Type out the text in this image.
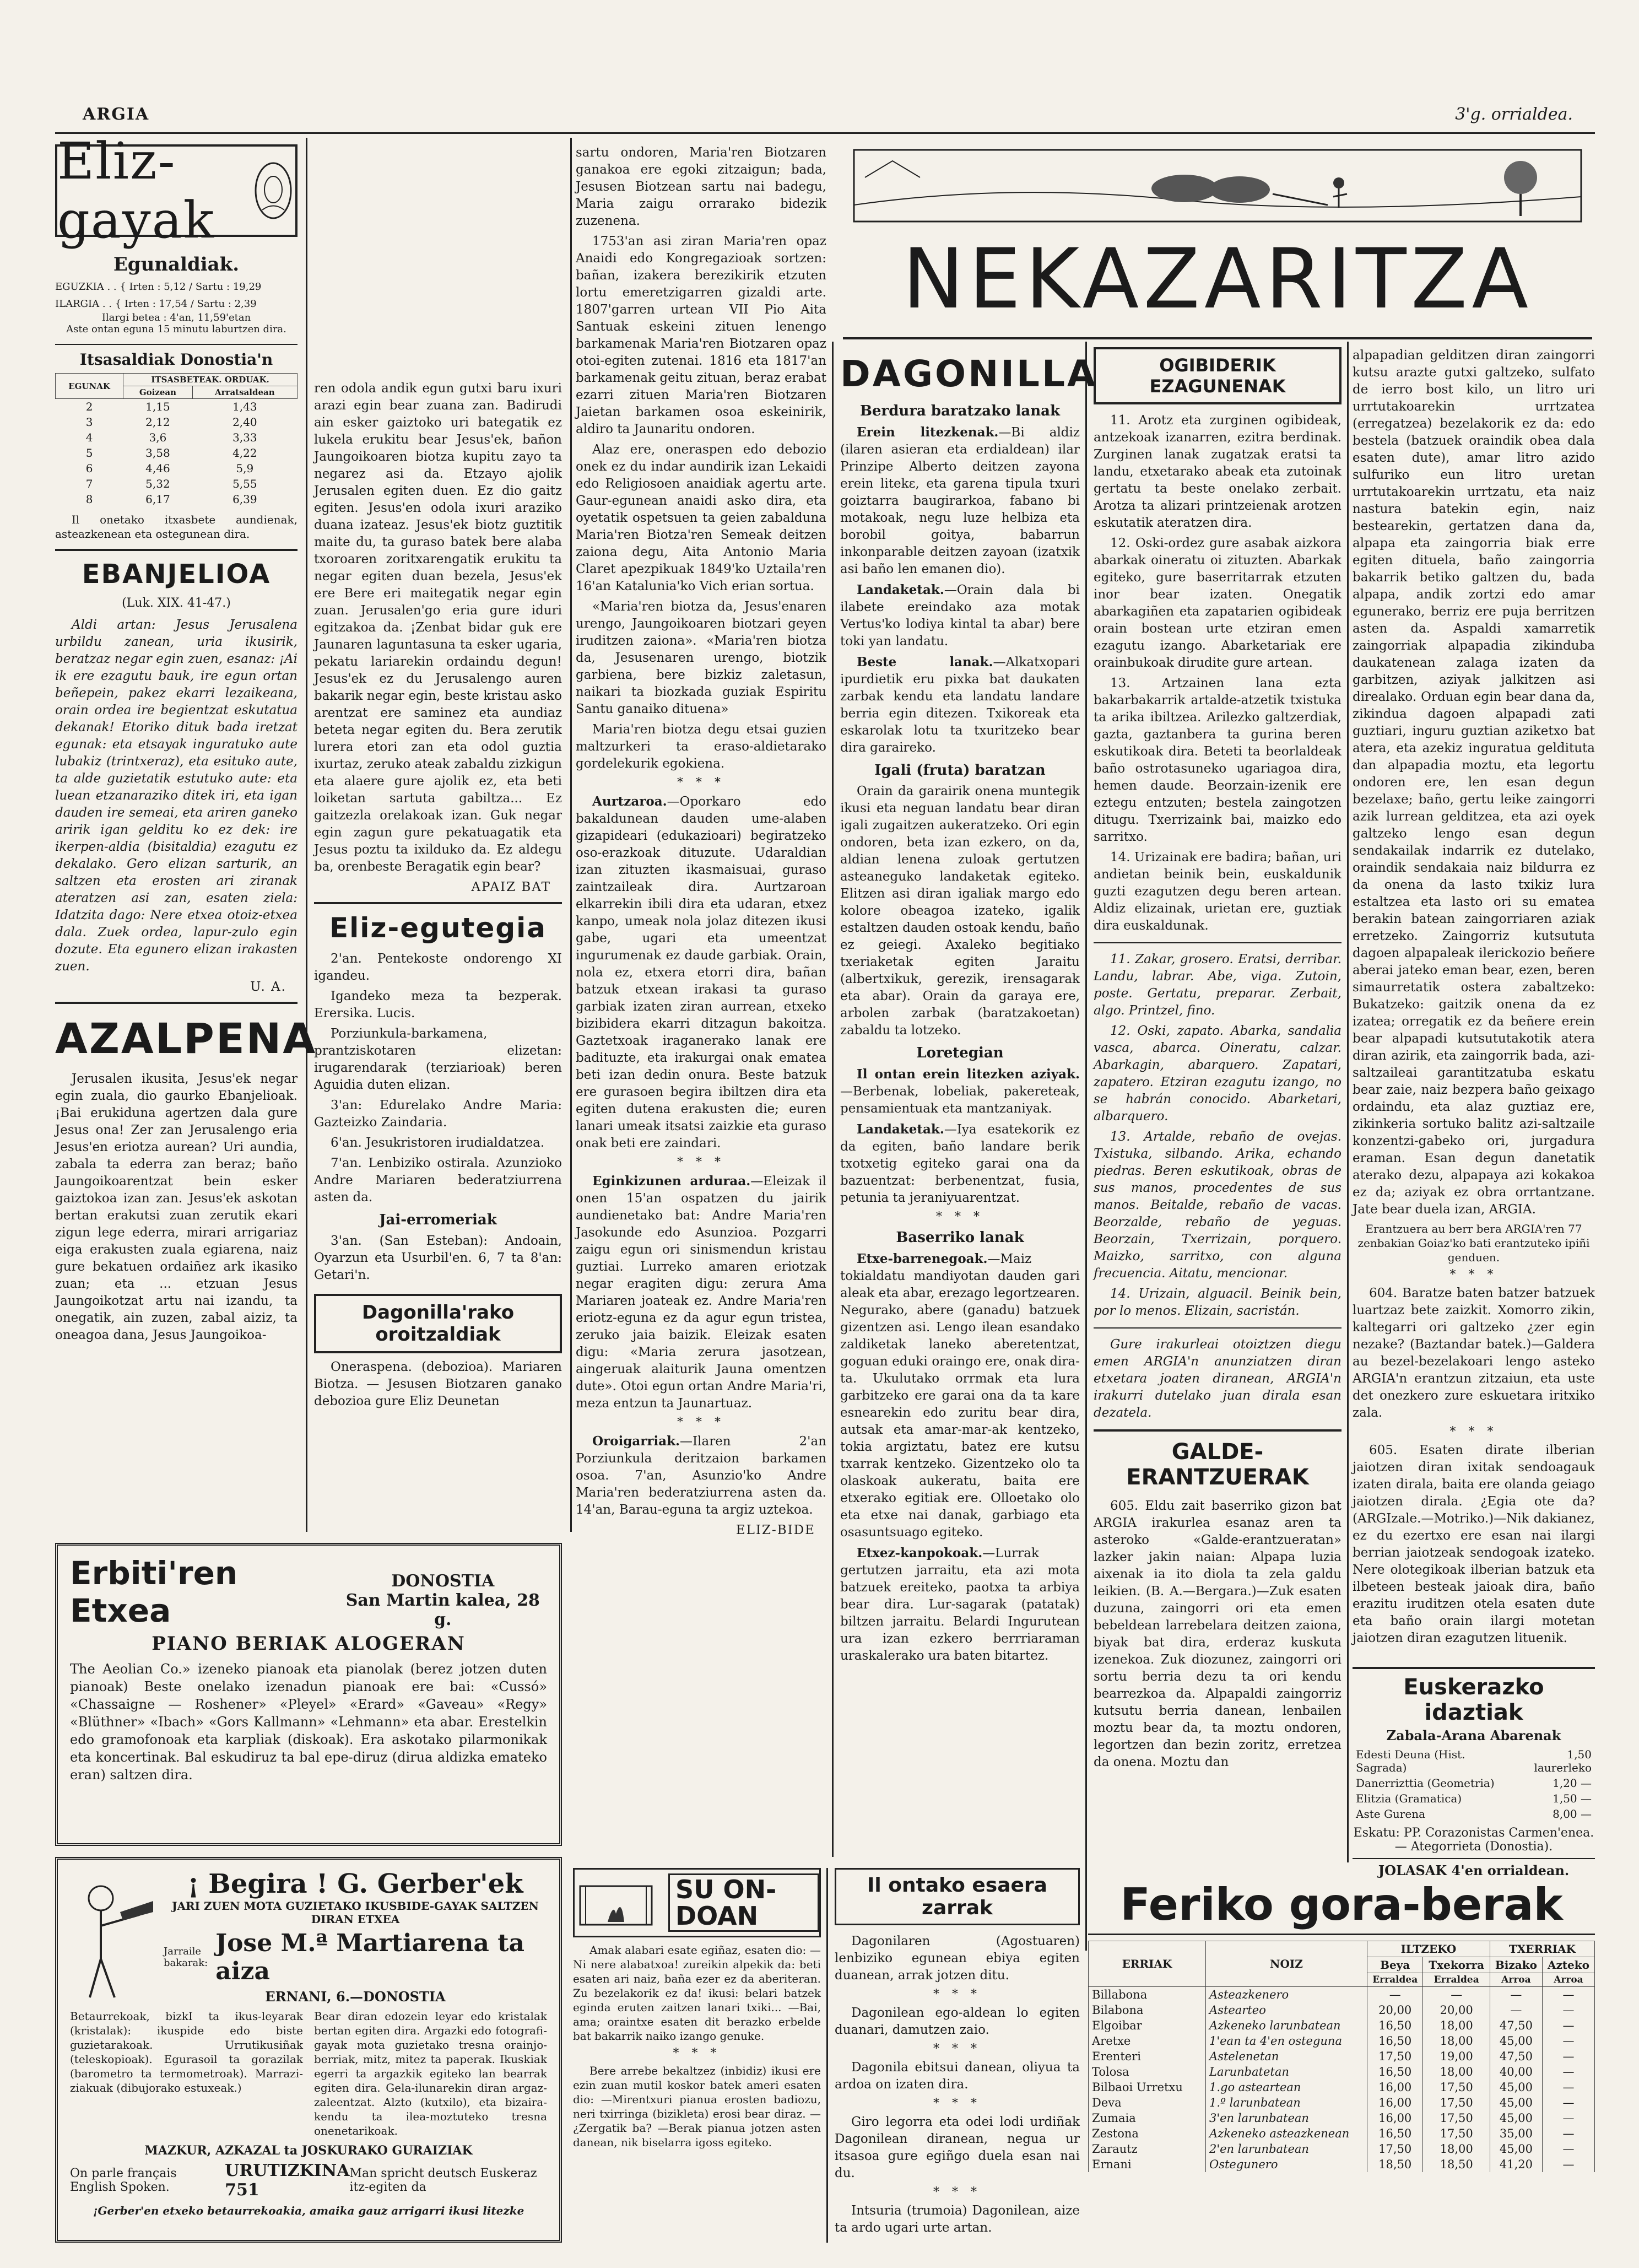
ARGIA	3'g. orrialdea.
Eliz-gayak
Egunaldiak.
EGUZKIA . . { Irten : 5,12 / Sartu : 19,29
ILARGIA . . { Irten : 17,54 / Sartu : 2,39
Ilargi betea : 4'an, 11,59'etan
Aste ontan eguna 15 minutu laburtzen dira.
Itsasaldiak Donostia'n
EGUNAK	ITSASBETEAK. ORDUAK.	
	Goizean	Arratsaldean
2	1,15	1,43
3	2,12	2,40
4	3,6	3,33
5	3,58	4,22
6	4,46	5,9
7	5,32	5,55
8	6,17	6,39

Il onetako itxasbete aundienak, asteazkenean eta ostegunean dira.

EBANJELIOA
(Luk. XIX. 41-47.)

Aldi artan: Jesus Jerusalena urbildu zanean, uria ikusirik, beratzaz negar egin zuen, esanaz: ¡Ai ik ere ezagutu bauk, ire egun ortan beñepein, pakez ekarri lezaikeana, orain ordea ire begientzat eskutatua dekanak! Etoriko dituk bada iretzat egunak: eta etsayak inguratuko aute lubakiz (trintxeraz), eta esituko aute, ta alde guzietatik estutuko aute: eta luean etzanaraziko ditek iri, eta igan dauden ire semeai, eta ariren ganeko aririk igan gelditu ko ez dek: ire ikerpen-aldia (bisitaldia) ezagutu ez dekalako. Gero elizan sarturik, an saltzen eta erosten ari ziranak ateratzen asi zan, esaten ziela: Idatzita dago: Nere etxea otoiz-etxea dala. Zuek ordea, lapur-zulo egin dozute. Eta egunero elizan irakasten zuen.

U. A.
AZALPENA

Jerusalen ikusita, Jesus'ek negar egin zuala, dio gaurko Ebanjelioak. ¡Bai erukiduna agertzen dala gure Jesus ona! Zer zan Jerusalengo eria Jesus'en eriotza aurean? Uri aundia, zabala ta ederra zan beraz; baño Jaungoikoarentzat bein esker gaiztokoa izan zan. Jesus'ek askotan bertan erakutsi zuan zerutik ekari zigun lege ederra, mirari arrigariaz eiga erakusten zuala egiarena, naiz gure bekatuen ordaiñez ark ikasiko zuan; eta ... etzuan Jesus Jaungoikotzat artu nai izandu, ta onegatik, ain zuzen, zabal aiziz, ta oneagoa dana, Jesus Jaungoikoa-

ren odola andik egun gutxi baru ixuri arazi egin bear zuana zan. Badirudi ain esker gaiztoko uri bategatik ez lukela erukitu bear Jesus'ek, bañon Jaungoikoaren biotza kupitu zayo ta negarez asi da. Etzayo ajolik Jerusalen egiten duen. Ez dio gaitz egiten. Jesus'en odola ixuri araziko duana izateaz. Jesus'ek biotz guztitik maite du, ta guraso batek bere alaba txoroaren zoritxarengatik erukitu ta negar egiten duan bezela, Jesus'ek ere Bere eri maitegatik negar egin zuan. Jerusalen'go eria gure iduri egitzakoa da. ¡Zenbat bidar guk ere Jaunaren laguntasuna ta esker ugaria, pekatu lariarekin ordaindu degun! Jesus'ek ez du Jerusalengo auren bakarik negar egin, beste kristau asko arentzat ere saminez eta aundiaz beteta negar egiten du. Bera zerutik lurera etori zan eta odol guztia ixurtaz, zeruko ateak zabaldu zizkigun eta alaere gure ajolik ez, eta beti loiketan sartuta gabiltza... Ez gaitzezla orelakoak izan. Guk negar egin zagun gure pekatuagatik eta Jesus poztu ta ixilduko da. Ez aldegu ba, orenbeste Beragatik egin bear?

APAIZ BAT
Eliz-egutegia

2'an. Pentekoste ondorengo XI igandeu.

Igandeko meza ta bezperak. Erersika. Lucis.

Porziunkula-barkamena, prantziskotaren elizetan: irugarendarak (terziarioak) beren Aguidia duten elizan.

3'an: Edurelako Andre Maria: Gazteizko Zaindaria.

6'an. Jesukristoren irudialdatzea.

7'an. Lenbiziko ostirala. Azunzioko Andre Mariaren bederatziurrena asten da.

Jai-erromeriak

3'an. (San Esteban): Andoain, Oyarzun eta Usurbil'en. 6, 7 ta 8'an: Getari'n.

Dagonilla'rako oroitzaldiak

Oneraspena. (debozioa). Mariaren Biotza. — Jesusen Biotzaren ganako debozioa gure Eliz Deunetan

sartu ondoren, Maria'ren Biotzaren ganakoa ere egoki zitzaigun; bada, Jesusen Biotzean sartu nai badegu, Maria zaigu orrarako bidezik zuzenena.

1753'an asi ziran Maria'ren opaz Anaidi edo Kongregazioak sortzen: bañan, izakera berezikirik etzuten lortu emeretzigarren gizaldi arte. 1807'garren urtean VII Pio Aita Santuak eskeini zituen lenengo barkamenak Maria'ren Biotzaren opaz otoi-egiten zutenai. 1816 eta 1817'an barkamenak geitu zituan, beraz erabat ezarri zituen Maria'ren Biotzaren Jaietan barkamen osoa eskeinirik, aldiro ta Jaunaritu ondoren.

Alaz ere, oneraspen edo debozio onek ez du indar aundirik izan Lekaidi edo Religiosoen anaidiak agertu arte. Gaur-egunean anaidi asko dira, eta oyetatik ospetsuen ta geien zabalduna Maria'ren Biotza'ren Semeak deitzen zaiona degu, Aita Antonio Maria Claret apezpikuak 1849'ko Uztaila'ren 16'an Katalunia'ko Vich erian sortua.

«Maria'ren biotza da, Jesus'enaren urengo, Jaungoikoaren biotzari geyen iruditzen zaiona». «Maria'ren biotza da, Jesusenaren urengo, biotzik garbiena, bere bizkiz zaletasun, naikari ta biozkada guziak Espiritu Santu ganaiko dituena»

Maria'ren biotza degu etsai guzien maltzurkeri ta eraso-aldietarako gordelekurik egokiena.

* * *

Aurtzaroa.—Oporkaro edo bakaldunean dauden ume-alaben gizapideari (edukazioari) begiratzeko oso-erazkoak dituzute. Udaraldian izan zituzten ikasmaisuai, guraso zaintzaileak dira. Aurtzaroan elkarrekin ibili dira eta udaran, etxez kanpo, umeak nola jolaz ditezen ikusi gabe, ugari eta umeentzat ingurumenak ez daude garbiak. Orain, nola ez, etxera etorri dira, bañan batzuk etxean irakasi ta guraso garbiak izaten ziran aurrean, etxeko bizibidera ekarri ditzagun bakoitza. Gaztetxoak iraganerako lanak ere badituzte, eta irakurgai onak ematea beti izan dedin onura. Beste batzuk ere gurasoen begira ibiltzen dira eta egiten dutena erakusten die; euren lanari umeak itsatsi zaizkie eta guraso onak beti ere zaindari.

* * *

Eginkizunen arduraa.—Eleizak il onen 15'an ospatzen du jairik aundienetako bat: Andre Maria'ren Jasokunde edo Asunzioa. Pozgarri zaigu egun ori sinismendun kristau guztiai. Lurreko amaren eriotzak negar eragiten digu: zerura Ama Mariaren joateak ez. Andre Maria'ren eriotz-eguna ez da agur egun tristea, zeruko jaia baizik. Eleizak esaten digu: «Maria zerura jasotzean, aingeruak alaiturik Jauna omentzen dute». Otoi egun ortan Andre Maria'ri, meza entzun ta Jaunartuaz.

* * *

Oroigarriak.—Ilaren 2'an Porziunkula deritzaion barkamen osoa. 7'an, Asunzio'ko Andre Maria'ren bederatziurrena asten da. 14'an, Barau-eguna ta argiz uztekoa.

ELIZ-BIDE
NEKAZARITZA
DAGONILLA
Berdura baratzako lanak

Erein litezkenak.—Bi aldiz (ilaren asieran eta erdialdean) ilar Prinzipe Alberto deitzen zayona erein litekε, eta garena tipula txuri goiztarra baugirarkoa, fabano bi motakoak, negu luze helbiza eta borobil goitya, babarrun inkonparable deitzen zayoan (izatxik asi baño len emanen dio).

Landaketak.—Orain dala bi ilabete ereindako aza motak Vertus'ko lodiya kintal ta abar) bere toki yan landatu.

Beste lanak.—Alkatxopari ipurdietik eru pixka bat daukaten zarbak kendu eta landatu landare berria egin ditezen. Txikoreak eta eskarolak lotu ta txuritzeko bear dira garaireko.

Igali (fruta) baratzan

Orain da garairik onena muntegik ikusi eta neguan landatu bear diran igali zugaitzen aukeratzeko. Ori egin ondoren, beta izan ezkero, on da, aldian lenena zuloak gertutzen asteaneguko landaketak egiteko. Elitzen asi diran igaliak margo edo kolore obeagoa izateko, igalik estaltzen dauden ostoak kendu, baño ez geiegi. Axaleko begitiako txeriaketak egiten Jaraitu (albertxikuk, gerezik, irensagarak eta abar). Orain da garaya ere, arbolen zarbak (baratzakoetan) zabaldu ta lotzeko.

Loretegian

Il ontan erein litezken aziyak.—Berbenak, lobeliak, pakereteak, pensamientuak eta mantzaniyak.

Landaketak.—Iya esatekorik ez da egiten, baño landare berik txotxetig egiteko garai ona da bazuentzat: berbenentzat, fusia, petunia ta jeraniyuarentzat.

* * *
Baserriko lanak

Etxe-barrenegoak.—Maiz tokialdatu mandiyotan dauden gari aleak eta abar, erezago legortzearen. Negurako, abere (ganadu) batzuek gizentzen asi. Lengo ilean esandako zaldiketak laneko aberetentzat, goguan eduki oraingo ere, onak dira-ta. Ukulutako orrmak eta lura garbitzeko ere garai ona da ta kare esnearekin edo zuritu bear dira, autsak eta amar-mar-ak kentzeko, tokia argiztatu, batez ere kutsu txarrak kentzeko. Gizentzeko olo ta olaskoak aukeratu, baita ere etxerako egitiak ere. Olloetako olo eta etxe nai danak, garbiago eta osasuntsuago egiteko.

Etxez-kanpokoak.—Lurrak gertutzen jarraitu, eta azi mota batzuek ereiteko, paotxa ta arbiya bear dira. Lur-sagarak (patatak) biltzen jarraitu. Belardi Ingurutean ura izan ezkero berrriaraman uraskalerako ura baten bitartez.

OGIBIDERIK EZAGUNENAK

11. Arotz eta zurginen ogibideak, antzekoak izanarren, ezitra berdinak. Zurginen lanak zugatzak eratsi ta landu, etxetarako abeak eta zutoinak gertatu ta beste onelako zerbait. Arotza ta alizari printzeienak arotzen eskutatik ateratzen dira.

12. Oski-ordez gure asabak aizkora abarkak oineratu oi zituzten. Abarkak egiteko, gure baserritarrak etzuten inor bear izaten. Onegatik abarkagiñen eta zapatarien ogibideak orain bostean urte etziran emen ezagutu izango. Abarketariak ere orainbukoak dirudite gure artean.

13. Artzainen lana ezta bakarbakarrik artalde-atzetik txistuka ta arika ibiltzea. Arilezko galtzerdiak, gazta, gaztanbera ta gurina beren eskutikoak dira. Beteti ta beorlaldeak baño ostrotasuneko ugariagoa dira, hemen daude. Beorzain-izenik ere eztegu entzuten; bestela zaingotzen ditugu. Txerrizaink bai, maizko edo sarritxo.

14. Urizainak ere badira; bañan, uri andietan beinik bein, euskaldunik guzti ezagutzen degu beren artean. Aldiz elizainak, urietan ere, guztiak dira euskaldunak.

11. Zakar, grosero. Eratsi, derribar. Landu, labrar. Abe, viga. Zutoin, poste. Gertatu, preparar. Zerbait, algo. Printzel, fino.

12. Oski, zapato. Abarka, sandalia vasca, abarca. Oineratu, calzar. Abarkagin, abarquero. Zapatari, zapatero. Etziran ezagutu izango, no se habrán conocido. Abarketari, albarquero.

13. Artalde, rebaño de ovejas. Txistuka, silbando. Arika, echando piedras. Beren eskutikoak, obras de sus manos, procedentes de sus manos. Beitalde, rebaño de vacas. Beorzalde, rebaño de yeguas. Beorzain, Txerrizain, porquero. Maizko, sarritxo, con alguna frecuencia. Aitatu, mencionar.

14. Urizain, alguacil. Beinik bein, por lo menos. Elizain, sacristán.

Gure irakurleai otoiztzen diegu emen ARGIA'n anunziatzen diran etxetara joaten diranean, ARGIA'n irakurri dutelako juan dirala esan dezatela.

GALDE-ERANTZUERAK

605. Eldu zait baserriko gizon bat ARGIA irakurlea esanaz aren ta asteroko «Galde-erantzueratan» lazker jakin naian: Alpapa luzia aixenak ia ito diola ta zela galdu leikien. (B. A.—Bergara.)—Zuk esaten duzuna, zaingorri ori eta emen bebeldean larrebelara deitzen zaiona, biyak bat dira, erderaz kuskuta izenekoa. Zuk diozunez, zaingorri ori sortu berria dezu ta ori kendu bearrezkoa da. Alpapaldi zaingorriz kutsutu berria danean, lenbailen moztu bear da, ta moztu ondoren, legortzen dan bezin zoritz, erretzea da onena. Moztu dan

alpapadian gelditzen diran zaingorri kutsu arazte gutxi galtzeko, sulfato de ierro bost kilo, un litro uri urrtutakoarekin urrtzatea (erregatzea) bezelakorik ez da: edo bestela (batzuek oraindik obea dala esaten dute), amar litro azido sulfuriko eun litro uretan urrtutakoarekin urrtzatu, eta naiz nastura batekin egin, naiz bestearekin, gertatzen dana da, alpapa eta zaingorria biak erre egiten dituela, baño zaingorria bakarrik betiko galtzen du, bada alpapa, andik zortzi edo amar egunerako, berriz ere puja berritzen asten da. Aspaldi xamarretik zaingorriak alpapadia zikinduba daukatenean zalaga izaten da garbitzen, aziyak jalkitzen asi direalako. Orduan egin bear dana da, zikindua dagoen alpapadi zati guztiari, inguru guztian aziketxo bat atera, eta azekiz inguratua geldituta dan alpapadia moztu, eta legortu ondoren ere, len esan degun bezelaxe; baño, gertu leike zaingorri azik lurrean gelditzea, eta azi oyek galtzeko lengo esan degun sendakailak indarrik ez dutelako, oraindik sendakaia naiz bildurra ez da onena da lasto txikiz lura estaltzea eta lasto ori su ematea berakin batean zaingorriaren aziak erretzeko. Zaingorriz kutsututa dagoen alpapaleak ilerickozio beñere aberai jateko eman bear, ezen, beren simaurretatik ostera zabaltzeko: Bukatzeko: gaitzik onena da ez izatea; orregatik ez da beñere erein bear alpapadi kutsututakotik atera diran azirik, eta zaingorrik bada, azi-saltzaileai garantitzatuba eskatu bear zaie, naiz bezpera baño geixago ordaindu, eta alaz guztiaz ere, zikinkeria sortuko balitz azi-saltzaile konzentzi-gabeko ori, jurgadura eraman. Esan degun danetatik aterako dezu, alpapaya azi kokakoa ez da; aziyak ez obra orrtantzane. Jate bear duela izan, ARGIA.

Erantzuera au berr bera ARGIA'ren 77 zenbakian Goiaz'ko bati erantzuteko ipiñi genduen.

* * *

604. Baratze baten batzer batzuek luartzaz bete zaizkit. Xomorro zikin, kaltegarri ori galtzeko ¿zer egin nezake? (Baztandar batek.)—Galdera au bezel-bezelakoari lengo asteko ARGIA'n erantzun zitzaiun, eta uste det onezkero zure eskuetara iritxiko zala.

* * *

605. Esaten dirate ilberian jaiotzen diran ixitak sendoagauk izaten dirala, baita ere olanda geiago jaiotzen dirala. ¿Egia ote da? (ARGIzale.—Motriko.)—Nik dakianez, ez du ezertxo ere esan nai ilargi berrian jaiotzeak sendogoak izateko. Nere olotegikoak ilberian batzuk eta ilbeteen besteak jaioak dira, baño erazitu iruditzen otela esaten dute eta baño orain ilargi motetan jaiotzen diran ezagutzen lituenik.

Euskerazko idaztiak
Zabala-Arana Abarenak
Edesti Deuna (Hist. Sagrada)	1,50 laurerleko
Danerrizttia (Geometria)	1,20 —
Elitzia (Gramatica)	1,50 —
Aste Gurena	8,00 —
Eskatu: PP. Corazonistas Carmen'enea. — Ategorrieta (Donostia).
JOLASAK 4'en orrialdean.
Erbiti'ren Etxea
DONOSTIA
San Martin kalea, 28 g.
PIANO BERIAK ALOGERAN

The Aeolian Co.» izeneko pianoak eta pianolak (berez jotzen duten pianoak) Beste onelako izenadun pianoak ere bai: «Cussó» «Chassaigne — Roshener» «Pleyel» «Erard» «Gaveau» «Regy» «Blüthner» «Ibach» «Gors Kallmann» «Lehmann» eta abar. Erestelkin edo gramofonoak eta karpliak (diskoak). Era askotako pilarmonikak eta koncertinak. Bal eskudiruz ta bal epe-diruz (dirua aldizka emateko eran) saltzen dira.

¡ Begira ! G. Gerber'ek
JARI ZUEN MOTA GUZIETAKO IKUSBIDE-GAYAK SALTZEN DIRAN ETXEA
Jarraile bakarak:
Jose M.ª Martiarena ta aiza
ERNANI, 6.—DONOSTIA

Betaurrekoak, bizkI ta ikus-leyarak (kristalak): ikuspide edo biste guzietarakoak. Urrutikusiñak (teleskopioak). Egurasoil ta gorazilak (barometro ta termometroak). Marrazi-ziakuak (dibujorako estuxeak.)

Bear diran edozein leyar edo kristalak bertan egiten dira. Argazki edo fotografi-gayak mota guzietako tresna orainjo-berriak, mitz, mitez ta paperak. Ikuskiak egerri ta argazkik egiteko lan bearrak egiten dira. Gela-ilunarekin diran argaz-zaleentzat. Alzto (kutxilo), eta bizaira-kendu ta ilea-moztuteko tresna onenetarikoak.

MAZKUR, AZKAZAL ta JOSKURAKO GURAIZIAK
On parle français English Spoken.
URUTIZKINA 751
Man spricht deutsch Euskeraz itz-egiten da
¡Gerber'en etxeko betaurrekoakia, amaika gauz arrigarri ikusi litezke
SU ON-DOAN

Amak alabari esate egiñaz, esaten dio: —Ni nere alabatxoa! zureikin alpekik da: beti esaten ari naiz, baña ezer ez da aberiteran. Zu bezelakorik ez da! ikusi: belari batzek eginda eruten zaitzen lanari txiki... —Bai, ama; oraintxe esaten dit berazko erbelde bat bakarrik naiko izango genuke.

* * *

Bere arrebe bekaltzez (inbidiz) ikusi ere ezin zuan mutil koskor batek ameri esaten dio: —Mirentxuri pianua erosten badiozu, neri txirringa (bizikleta) erosi bear diraz. —¿Zergatik ba? —Berak pianua jotzen asten danean, nik biselarra igoss egiteko.

Il ontako esaera zarrak

Dagonilaren (Agostuaren) lenbiziko egunean ebiya egiten duanean, arrak jotzen ditu.

* * *

Dagonilean ego-aldean lo egiten duanari, damutzen zaio.

* * *

Dagonila ebitsui danean, oliyua ta ardoa on izaten dira.

* * *

Giro legorra eta odei lodi urdiñak Dagonilean diranean, negua ur itsasoa gure egiñgo duela esan nai du.

* * *

Intsuria (trumoia) Dagonilean, aize ta ardo ugari urte artan.

Feriko gora-berak
ERRIAK	NOIZ	ILTZEKO		TXERRIAK	
		Beya	Txekorra	Bizako	Azteko
		Erraldea	Erraldea	Arroa	Arroa
Billabona	Asteazkenero	—	—	—	—
Bilabona	Astearteo	20,00	20,00	—	—
Elgoibar	Azkeneko larunbatean	16,50	18,00	47,50	—
Aretxe	1'ean ta 4'en osteguna	16,50	18,00	45,00	—
Erenteri	Astelenetan	17,50	19,00	47,50	—
Tolosa	Larunbatetan	16,50	18,00	40,00	—
Bilbaoi Urretxu	1.go asteartean	16,00	17,50	45,00	—
Deva	1.º larunbatean	16,00	17,50	45,00	—
Zumaia	3'en larunbatean	16,00	17,50	45,00	—
Zestona	Azkeneko asteazkenean	16,50	17,50	35,00	—
Zarautz	2'en larunbatean	17,50	18,00	45,00	—
Ernani	Ostegunero	18,50	18,50	41,20	—
